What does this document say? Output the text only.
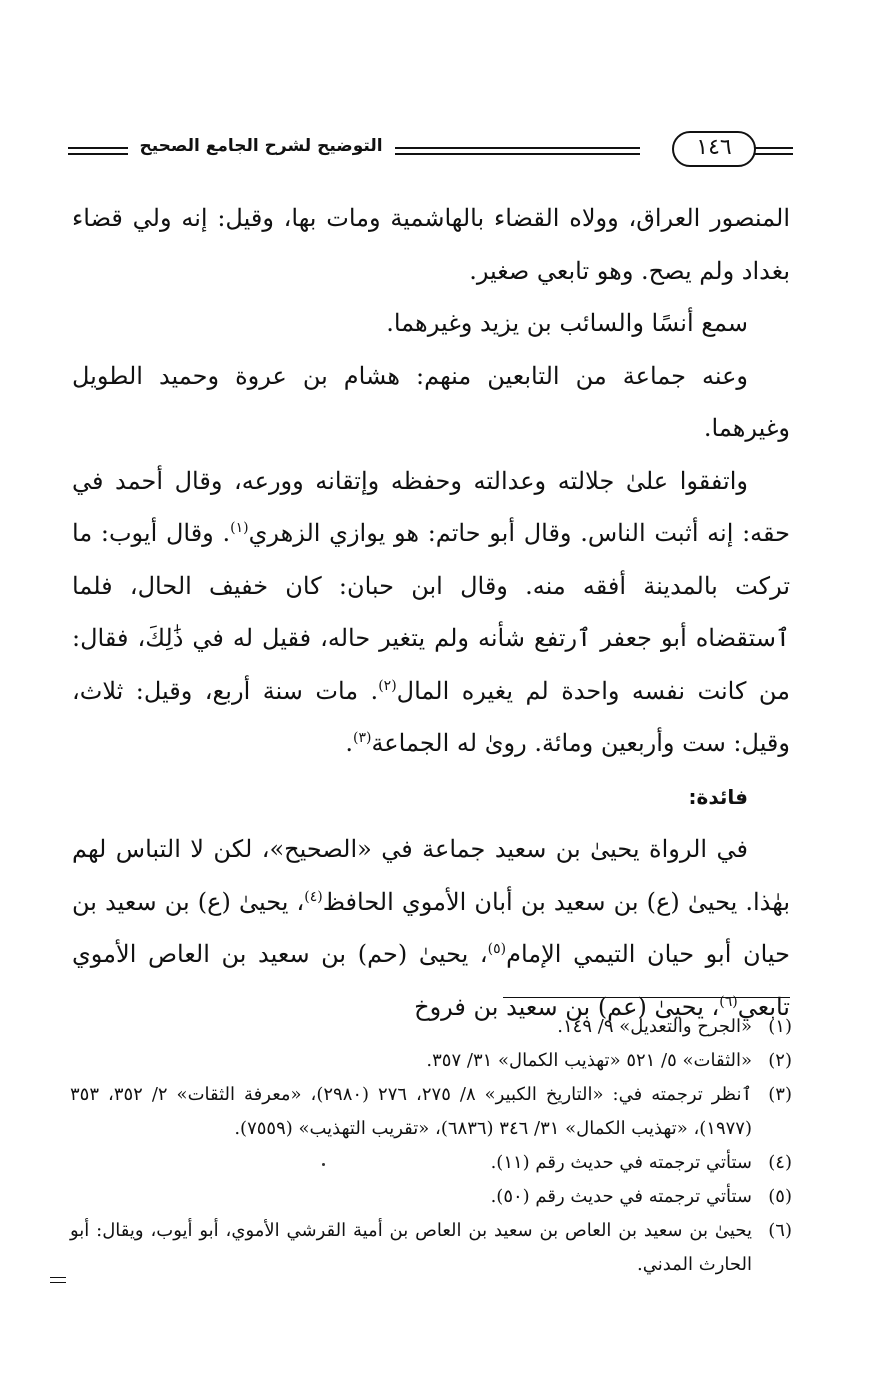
التوضيح لشرح الجامع الصحيح	١٤٦

المنصور العراق، وولاه القضاء بالهاشمية ومات بها، وقيل: إنه ولي قضاء بغداد ولم يصح. وهو تابعي صغير.

سمع أنسًا والسائب بن يزيد وغيرهما.

وعنه جماعة من التابعين منهم: هشام بن عروة وحميد الطويل وغيرهما.

واتفقوا علىٰ جلالته وعدالته وحفظه وإتقانه وورعه، وقال أحمد في حقه: إنه أثبت الناس. وقال أبو حاتم: هو يوازي الزهري$^{(١)}$. وقال أيوب: ما تركت بالمدينة أفقه منه. وقال ابن حبان: كان خفيف الحال، فلما ٱستقضاه أبو جعفر ٱرتفع شأنه ولم يتغير حاله، فقيل له في ذَٰلِكَ، فقال: من كانت نفسه واحدة لم يغيره المال$^{(٢)}$. مات سنة أربع، وقيل: ثلاث، وقيل: ست وأربعين ومائة. روىٰ له الجماعة$^{(٣)}$.

فائدة:

في الرواة يحيىٰ بن سعيد جماعة في «الصحيح»، لكن لا التباس لهم بهٰذا. يحيىٰ (ع) بن سعيد بن أبان الأموي الحافظ$^{(٤)}$، يحيىٰ (ع) بن سعيد بن حيان أبو حيان التيمي الإمام$^{(٥)}$، يحيىٰ (حم) بن سعيد بن العاص الأموي تابعي$^{(٦)}$، يحيىٰ (عم) بن سعيد بن فروخ

(١)
«الجرح والتعديل» ٩/ ١٤٩.
(٢)
«الثقات» ٥/ ٥٢١ «تهذيب الكمال» ٣١/ ٣٥٧.
(٣)
ٱنظر ترجمته في: «التاريخ الكبير» ٨/ ٢٧٥، ٢٧٦ (٢٩٨٠)، «معرفة الثقات» ٢/ ٣٥٢، ٣٥٣ (١٩٧٧)، «تهذيب الكمال» ٣١/ ٣٤٦ (٦٨٣٦)، «تقريب التهذيب» (٧٥٥٩).
(٤)
ستأتي ترجمته في حديث رقم (١١).
(٥)
ستأتي ترجمته في حديث رقم (٥٠).
(٦)
يحيىٰ بن سعيد بن العاص بن سعيد بن العاص بن أمية القرشي الأموي، أبو أيوب، ويقال: أبو الحارث المدني.
